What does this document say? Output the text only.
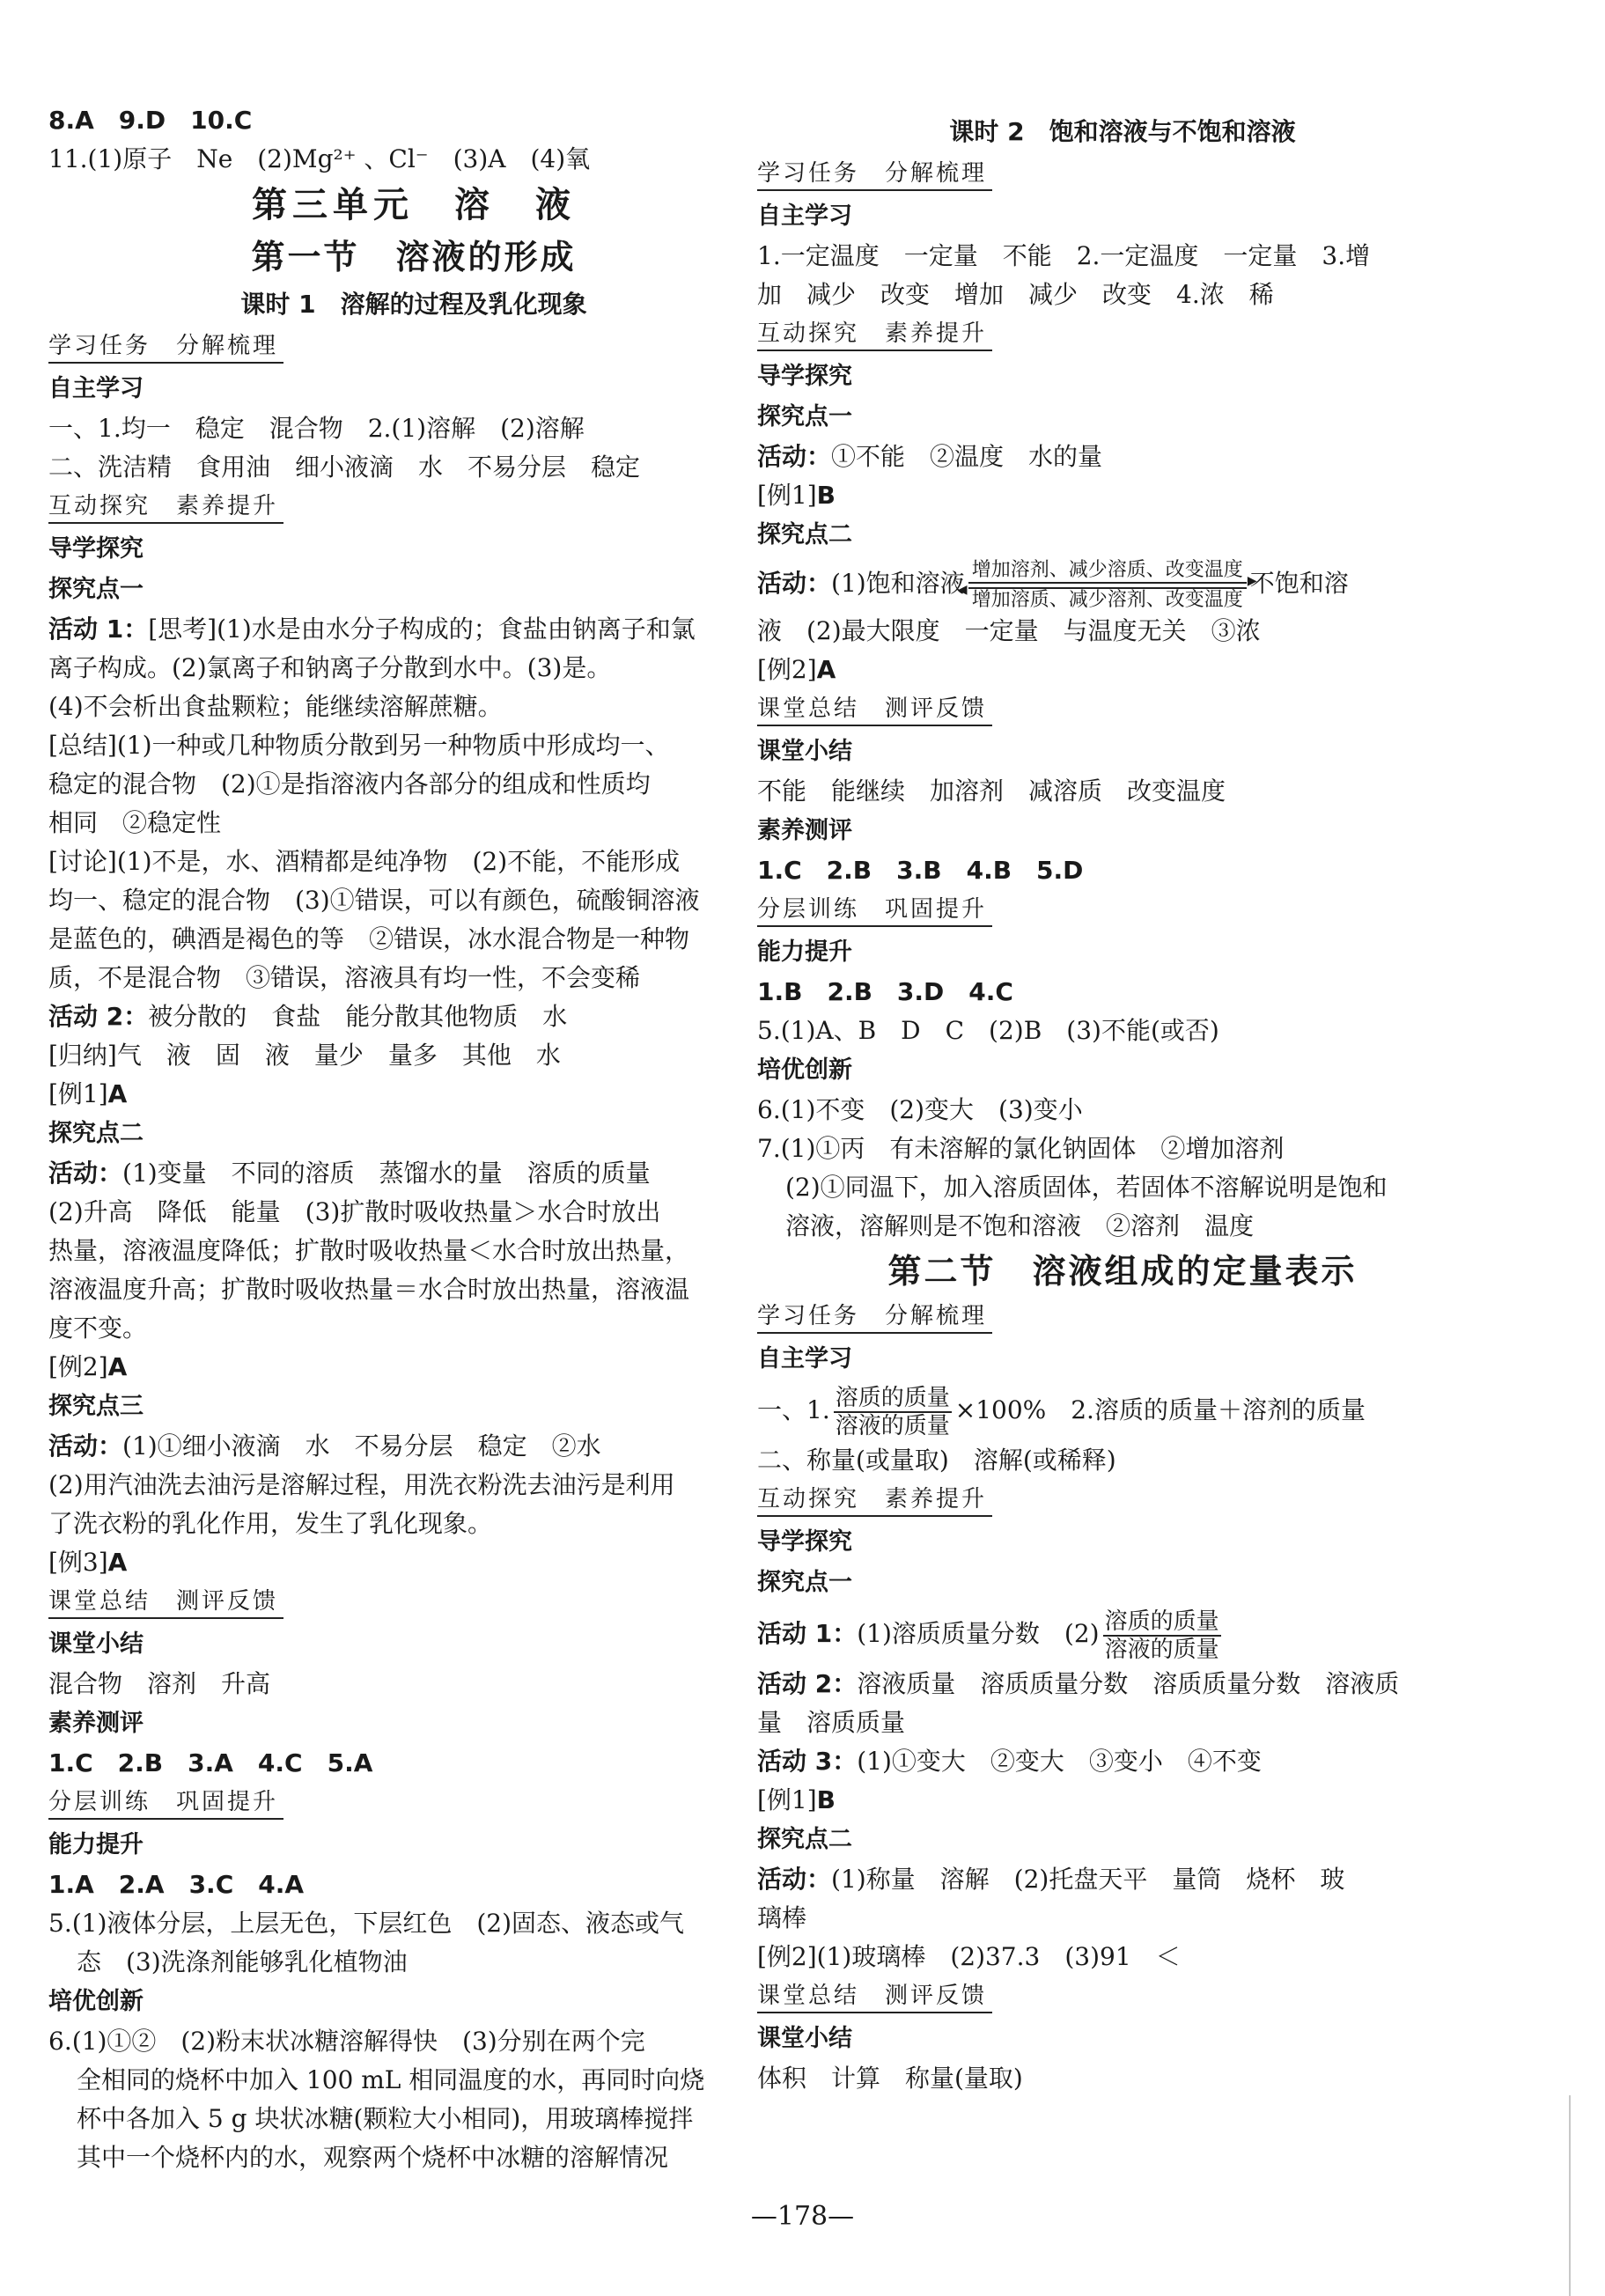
8.A　9.D　10.C
11.(1)原子　Ne　(2)Mg²⁺ 、Cl⁻　(3)A　(4)氧
第三单元　溶　液
第一节　溶液的形成
课时 1　溶解的过程及乳化现象
学习任务　分解梳理
自主学习
一、1.均一　稳定　混合物　2.(1)溶解　(2)溶解
二、洗洁精　食用油　细小液滴　水　不易分层　稳定
互动探究　素养提升
导学探究
探究点一
活动 1：[思考](1)水是由水分子构成的；食盐由钠离子和氯
离子构成。(2)氯离子和钠离子分散到水中。(3)是。
(4)不会析出食盐颗粒；能继续溶解蔗糖。
[总结](1)一种或几种物质分散到另一种物质中形成均一、
稳定的混合物　(2)①是指溶液内各部分的组成和性质均
相同　②稳定性
[讨论](1)不是，水、酒精都是纯净物　(2)不能，不能形成
均一、稳定的混合物　(3)①错误，可以有颜色，硫酸铜溶液
是蓝色的，碘酒是褐色的等　②错误，冰水混合物是一种物
质，不是混合物　③错误，溶液具有均一性，不会变稀
活动 2：被分散的　食盐　能分散其他物质　水
[归纳]气　液　固　液　量少　量多　其他　水
[例1]A
探究点二
活动：(1)变量　不同的溶质　蒸馏水的量　溶质的质量
(2)升高　降低　能量　(3)扩散时吸收热量＞水合时放出
热量，溶液温度降低；扩散时吸收热量＜水合时放出热量，
溶液温度升高；扩散时吸收热量＝水合时放出热量，溶液温
度不变。
[例2]A
探究点三
活动：(1)①细小液滴　水　不易分层　稳定　②水
(2)用汽油洗去油污是溶解过程，用洗衣粉洗去油污是利用
了洗衣粉的乳化作用，发生了乳化现象。
[例3]A
课堂总结　测评反馈
课堂小结
混合物　溶剂　升高
素养测评
1.C　2.B　3.A　4.C　5.A
分层训练　巩固提升
能力提升
1.A　2.A　3.C　4.A
5.(1)液体分层，上层无色，下层红色　(2)固态、液态或气
态　(3)洗涤剂能够乳化植物油
培优创新
6.(1)①②　(2)粉末状冰糖溶解得快　(3)分别在两个完
全相同的烧杯中加入 100 mL 相同温度的水，再同时向烧
杯中各加入 5 g 块状冰糖(颗粒大小相同)，用玻璃棒搅拌
其中一个烧杯内的水，观察两个烧杯中冰糖的溶解情况
课时 2　饱和溶液与不饱和溶液
学习任务　分解梳理
自主学习
1.一定温度　一定量　不能　2.一定温度　一定量　3.增
加　减少　改变　增加　减少　改变　4.浓　稀
互动探究　素养提升
导学探究
探究点一
活动：①不能　②温度　水的量
[例1]B
探究点二
活动：(1)饱和溶液 增加溶剂、减少溶质、改变温度 ▶
◀ 增加溶质、减少溶剂、改变温度
不饱和溶
液　(2)最大限度　一定量　与温度无关　③浓
[例2]A
课堂总结　测评反馈
课堂小结
不能　能继续　加溶剂　减溶质　改变温度
素养测评
1.C　2.B　3.B　4.B　5.D
分层训练　巩固提升
能力提升
1.B　2.B　3.D　4.C
5.(1)A、B　D　C　(2)B　(3)不能(或否)
培优创新
6.(1)不变　(2)变大　(3)变小
7.(1)①丙　有未溶解的氯化钠固体　②增加溶剂
(2)①同温下，加入溶质固体，若固体不溶解说明是饱和
溶液，溶解则是不饱和溶液　②溶剂　温度
第二节　溶液组成的定量表示
学习任务　分解梳理
自主学习
一、1. $\frac{\text{溶质的质量}}{\text{溶液的质量}} \times 100\%$　2.溶质的质量＋溶剂的质量
二、称量(或量取)　溶解(或稀释)
互动探究　素养提升
导学探究
探究点一
活动 1：(1)溶质质量分数　$(2) \frac{\text{溶质的质量}}{\text{溶液的质量}}$
活动 2：溶液质量　溶质质量分数　溶质质量分数　溶液质
量　溶质质量
活动 3：(1)①变大　②变大　③变小　④不变
[例1]B
探究点二
活动：(1)称量　溶解　(2)托盘天平　量筒　烧杯　玻
璃棒
[例2](1)玻璃棒　(2)37.3　(3)91　＜
课堂总结　测评反馈
课堂小结
体积　计算　称量(量取)
—178—
